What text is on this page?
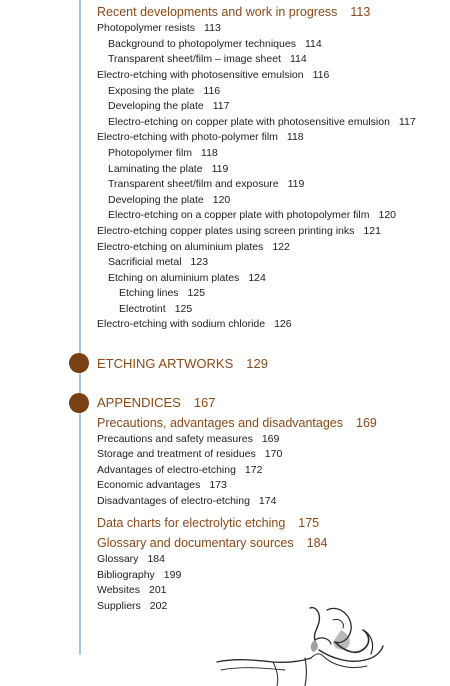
Recent developments and work in progress 113
Photopolymer resists 113
Background to photopolymer techniques 114
Transparent sheet/film – image sheet 114
Electro-etching with photosensitive emulsion 116
Exposing the plate 116
Developing the plate 117
Electro-etching on copper plate with photosensitive emulsion 117
Electro-etching with photo-polymer film 118
Photopolymer film 118
Laminating the plate 119
Transparent sheet/film and exposure 119
Developing the plate 120
Electro-etching on a copper plate with photopolymer film 120
Electro-etching copper plates using screen printing inks 121
Electro-etching on aluminium plates 122
Sacrificial metal 123
Etching on aluminium plates 124
Etching lines 125
Electrotint 125
Electro-etching with sodium chloride 126
ETCHING ARTWORKS 129
APPENDICES 167
Precautions, advantages and disadvantages 169
Precautions and safety measures 169
Storage and treatment of residues 170
Advantages of electro-etching 172
Economic advantages 173
Disadvantages of electro-etching 174
Data charts for electrolytic etching 175
Glossary and documentary sources 184
Glossary 184
Bibliography 199
Websites 201
Suppliers 202
